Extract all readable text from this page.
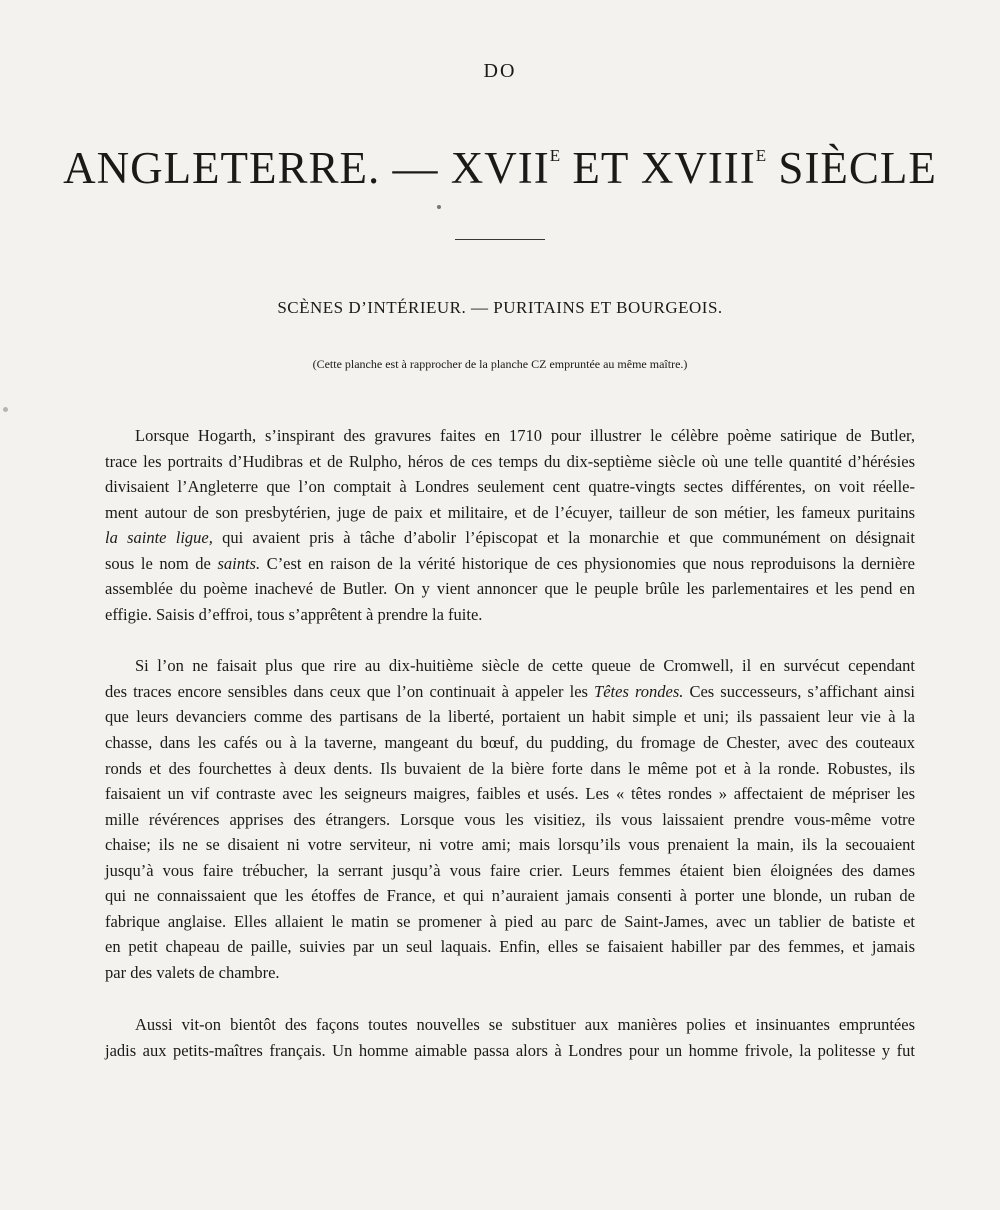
DO
ANGLETERRE. — $XVII^E$ ET $XVIII^E$ SIÈCLE
SCÈNES D’INTÉRIEUR. — PURITAINS ET BOURGEOIS.
(Cette planche est à rapprocher de la planche CZ empruntée au même maître.)
Lorsque Hogarth, s’inspirant des gravures faites en 1710 pour illustrer le célèbre poème satirique de Butler,
trace les portraits d’Hudibras et de Rulpho, héros de ces temps du dix-septième siècle où une telle quantité d’hérésies
divisaient l’Angleterre que l’on comptait à Londres seulement cent quatre-vingts sectes différentes, on voit réelle-
ment autour de son presbytérien, juge de paix et militaire, et de l’écuyer, tailleur de son métier, les fameux puritains
la sainte ligue, qui avaient pris à tâche d’abolir l’épiscopat et la monarchie et que communément on désignait
sous le nom de saints. C’est en raison de la vérité historique de ces physionomies que nous reproduisons la dernière
assemblée du poème inachevé de Butler. On y vient annoncer que le peuple brûle les parlementaires et les pend en
effigie. Saisis d’effroi, tous s’apprêtent à prendre la fuite.
Si l’on ne faisait plus que rire au dix-huitième siècle de cette queue de Cromwell, il en survécut cependant
des traces encore sensibles dans ceux que l’on continuait à appeler les Têtes rondes. Ces successeurs, s’affichant ainsi
que leurs devanciers comme des partisans de la liberté, portaient un habit simple et uni; ils passaient leur vie à la
chasse, dans les cafés ou à la taverne, mangeant du bœuf, du pudding, du fromage de Chester, avec des couteaux
ronds et des fourchettes à deux dents. Ils buvaient de la bière forte dans le même pot et à la ronde. Robustes, ils
faisaient un vif contraste avec les seigneurs maigres, faibles et usés. Les « têtes rondes » affectaient de mépriser les
mille révérences apprises des étrangers. Lorsque vous les visitiez, ils vous laissaient prendre vous-même votre
chaise; ils ne se disaient ni votre serviteur, ni votre ami; mais lorsqu’ils vous prenaient la main, ils la secouaient
jusqu’à vous faire trébucher, la serrant jusqu’à vous faire crier. Leurs femmes étaient bien éloignées des dames
qui ne connaissaient que les étoffes de France, et qui n’auraient jamais consenti à porter une blonde, un ruban de
fabrique anglaise. Elles allaient le matin se promener à pied au parc de Saint-James, avec un tablier de batiste et
en petit chapeau de paille, suivies par un seul laquais. Enfin, elles se faisaient habiller par des femmes, et jamais
par des valets de chambre.
Aussi vit-on bientôt des façons toutes nouvelles se substituer aux manières polies et insinuantes empruntées
jadis aux petits-maîtres français. Un homme aimable passa alors à Londres pour un homme frivole, la politesse y fut
